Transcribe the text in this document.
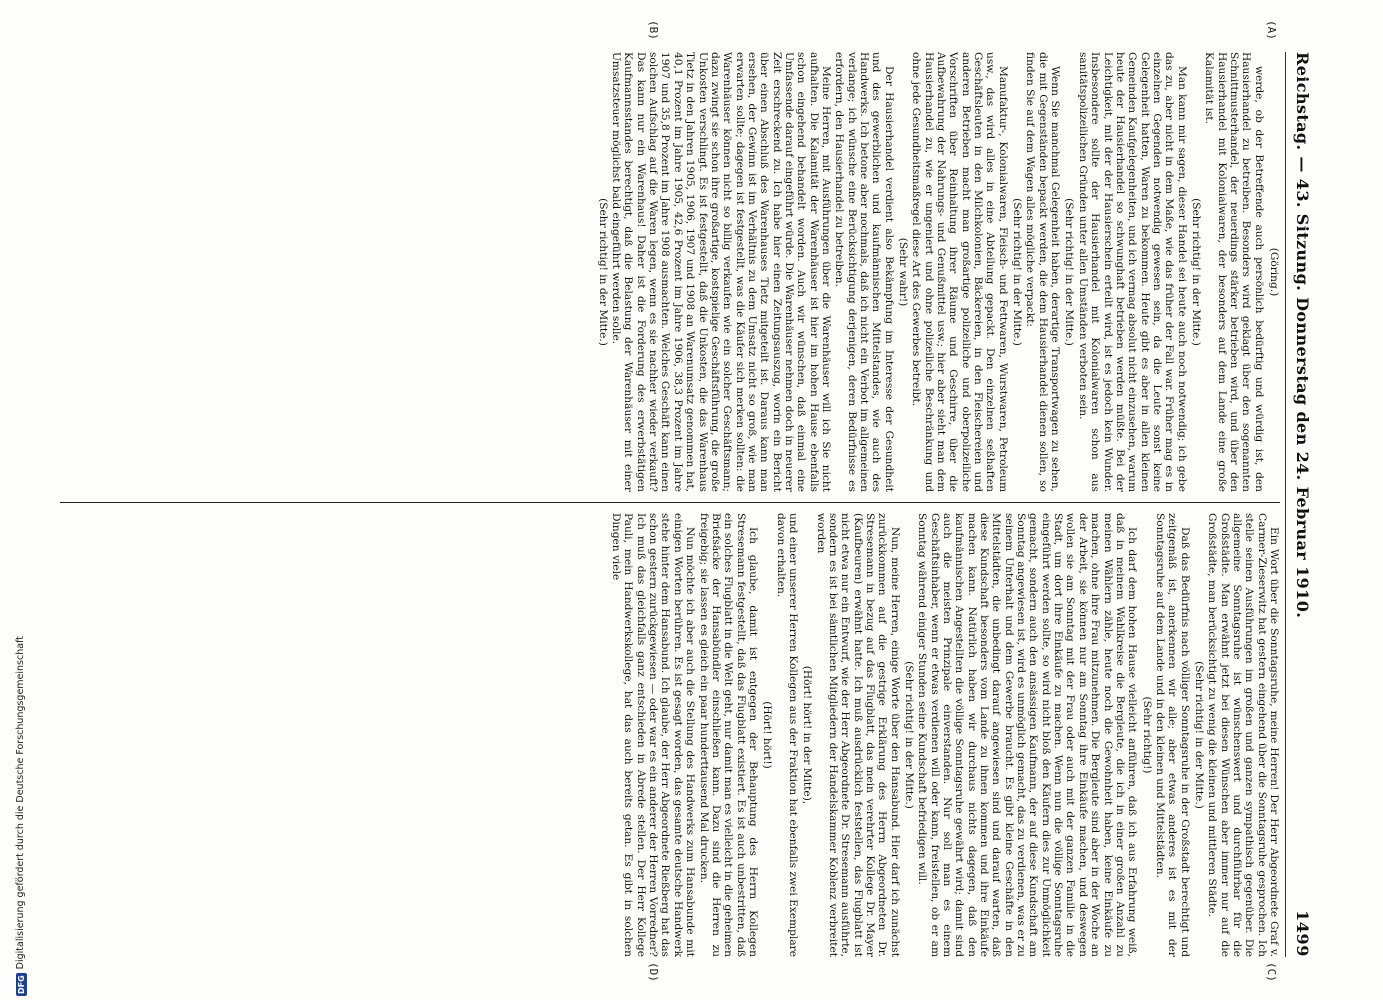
DFG
Digitalisierung gefördert durch die Deutsche Forschungsgemeinschaft
Reichstag. — 43. Sitzung. Donnerstag den 24. Februar 1910.
1499
(A)
(B)
(C)
(D)

(Göring.)

werde, ob der Betreffende auch persönlich bedürftig und würdig ist, den Hausierhandel zu betreiben. Besonders wird geklagt über den sogenannten Schnittmusterhandel, der neuerdings stärker betrieben wird, und über den Hausierhandel mit Kolonialwaren, der besonders auf dem Lande eine große Kalamität ist.

(Sehr richtig! in der Mitte.)

Man kann mir sagen, dieser Handel sei heute auch noch notwendig; ich gebe das zu, aber nicht in dem Maße, wie das früher der Fall war. Früher mag es in einzelnen Gegenden notwendig gewesen sein, da die Leute sonst keine Gelegenheit hatten, Waren zu bekommen. Heute gibt es aber in allen kleinen Gemeinden Kaufgelegenheiten, und ich vermag absolut nicht einzusehen, warum heute der Hausierhandel so schwunghaft betrieben werden müßte. Bei der Leichtigkeit, mit der der Hausierschein erteilt wird, ist es jedoch kein Wunder. Insbesondere sollte der Hausierhandel mit Kolonialwaren schon aus sanitätspolizeilichen Gründen unter allen Umständen verboten sein.

(Sehr richtig! in der Mitte.)

Wenn Sie manchmal Gelegenheit haben, derartige Transportwagen zu sehen, die mit Gegenständen bepackt werden, die dem Hausierhandel dienen sollen, so finden Sie auf dem Wagen alles mögliche verpackt:

(Sehr richtig! in der Mitte.)

Manufaktur-, Kolonialwaren, Fleisch- und Fettwaren, Wurstwaren, Petroleum usw., das wird alles in eine Abteilung gepackt. Den einzelnen seßhaften Geschäftsleuten in den Milchkolonien, Bäckereien, in den Fleischereien und anderen Betrieben macht man großartige polizeiliche und oberpolizeiliche Vorschriften über Reinhaltung ihrer Räume und Geschirre, über die Aufbewahrung der Nahrungs- und Genußmittel usw.; hier aber sieht man dem Hausierhandel zu, wie er ungeniert und ohne polizeiliche Beschränkung und ohne jede Gesundheitsmaßregel diese Art des Gewerbes betreibt.

(Sehr wahr!)

Der Hausierhandel verdient also Bekämpfung im Interesse der Gesundheit und des gewerblichen und kaufmännischen Mittelstandes, wie auch des Handwerks. Ich betone aber nochmals, daß ich nicht ein Verbot im allgemeinen verlange; ich wünsche eine Berücksichtigung derjenigen, deren Bedürfnisse es erfordern, den Hausierhandel zu betreiben.

Meine Herren, mit Ausführungen über die Warenhäuser will ich Sie nicht aufhalten. Die Kalamität der Warenhäuser ist hier im hohen Hause ebenfalls schon eingehend behandelt worden. Auch wir wünschen, daß einmal eine Umfassende darauf eingeführt würde. Die Warenhäuser nehmen doch in neuerer Zeit erschreckend zu. Ich habe hier einen Zeitungsauszug, worin ein Bericht über einen Abschluß des Warenhauses Tietz mitgeteilt ist. Daraus kann man ersehen, der Gewinn ist im Verhältnis zu dem Umsatz nicht so groß, wie man erwarten sollte; dagegen ist festgestellt, was die Käufer sich merken sollten: die Warenhäuser können nicht so billig verkaufen wie ein solcher Geschäftsmann; dazu zwingt sie schon ihre großartige, kostspielige Geschäftsführung, die große Unkosten verschlingt. Es ist festgestellt, daß die Unkosten, die das Warenhaus Tietz in den Jahren 1905, 1906, 1907 und 1908 an Warenumsatz genommen hat, 40,1 Prozent im Jahre 1905, 42,6 Prozent im Jahre 1906, 38,3 Prozent im Jahre 1907 und 35,8 Prozent im Jahre 1908 ausmachten. Welches Geschäft kann einen solchen Aufschlag auf die Waren legen, wenn es sie nachher wieder verkauft? Das kann nur ein Warenhaus! Daher ist die Forderung des erwerbstätigen Kaufmannsstandes berechtigt, daß die Belastung der Warenhäuser mit einer Umsatzsteuer möglichst bald eingeführt werden solle.

(Sehr richtig! in der Mitte.)

Ein Wort über die Sonntagsruhe, meine Herren! Der Herr Abgeordnete Graf v. Carmer-Zieserwitz hat gestern eingehend über die Sonntagsruhe gesprochen. Ich stelle seinen Ausführungen im großen und ganzen sympathisch gegenüber. Die allgemeine Sonntagsruhe ist wünschenswert und durchführbar für die Großstädte. Man erwähnt jetzt bei diesen Wünschen aber immer nur auf die Großstädte, man berücksichtigt zu wenig die kleinen und mittleren Städte.

(Sehr richtig! in der Mitte.)

Daß das Bedürfnis nach völliger Sonntagsruhe in der Großstadt berechtigt und zeitgemäß ist, anerkennen wir alle; aber etwas anderes ist es mit der Sonntagsruhe auf dem Lande und in den kleinen und Mittelstädten.

(Sehr richtig!)

Ich darf dem hohen Hause vielleicht anführen, daß ich aus Erfahrung weiß, daß in meinem Wahlkreise die Bergleute, die ich in einer großen Anzahl zu meinen Wählern zähle, heute noch die Gewohnheit haben, keine Einkäufe zu machen, ohne ihre Frau mitzunehmen. Die Bergleute sind aber in der Woche an der Arbeit, sie können nur am Sonntag ihre Einkäufe machen, und deswegen wollen sie am Sonntag mit der Frau oder auch mit der ganzen Familie in die Stadt, um dort ihre Einkäufe zu machen. Wenn nun die völlige Sonntagsruhe eingeführt werden sollte, so wird nicht bloß den Käufern dies zur Unmöglichkeit gemacht, sondern auch den ansässigen Kaufmann, der auf diese Kundschaft am Sonntag angewiesen ist, wird es unmöglich gemacht, das zu verdienen, was er zu seinem Unterhalt und dem Gewerbe braucht. Es gibt kleine Geschäfte in den Mittelstädten, die unbedingt darauf angewiesen sind und darauf warten, daß diese Kundschaft besonders vom Lande zu ihnen kommen und ihre Einkäufe machen kann. Natürlich haben wir durchaus nichts dagegen, daß den kaufmännischen Angestellten die völlige Sonntagsruhe gewährt wird; damit sind auch die meisten Prinzipale einverstanden. Nur soll man es einem Geschäftsinhaber, wenn er etwas verdienen will oder kann, freistellen, ob er am Sonntag während einiger Stunden seine Kundschaft befriedigen will.

(Sehr richtig! in der Mitte.)

Nun, meine Herren, einige Worte über den Hansabund. Hier darf ich zunächst zurückkommen auf die gestrige Erklärung des Herrn Abgeordneten Dr. Stresemann in bezug auf das Flugblatt, das mein verehrter Kollege Dr. Mayer (Kaufbeuren) erwähnt hatte. Ich muß ausdrücklich feststellen, das Flugblatt ist nicht etwa nur ein Entwurf, wie der Herr Abgeordnete Dr. Stresemann ausführte, sondern es ist bei sämtlichen Mitgliedern der Handelskammer Koblenz verbreitet worden

(Hört! hört! in der Mitte),

und einer unserer Herren Kollegen aus der Fraktion hat ebenfalls zwei Exemplare davon erhalten.

(Hört! hört!)

Ich glaube, damit ist entgegen der Behauptung des Herrn Kollegen Stresemann festgestellt, daß das Flugblatt existiert. Es ist auch unbestritten, daß ein solches Flugblatt in die Welt geht, nur damit man es vielleicht in die geheimen Briefsäcke der Hansabündler einschließen kann. Dazu sind die Herren zu freigebig; sie lassen es gleich ein paar hunderttausend Mal drucken.

Nun möchte ich aber auch die Stellung des Handwerks zum Hansabunde mit einigen Worten berühren. Es ist gesagt worden, das gesamte deutsche Handwerk stehe hinter dem Hansabund. Ich glaube, der Herr Abgeordnete Rießberg hat das schon gestern zurückgewiesen — oder war es ein anderer der Herren Vorredner? Ich muß das gleichfalls ganz entschieden in Abrede stellen. Der Herr Kollege Pauli, mein Handwerkskollege, hat das auch bereits getan. Es gibt in solchen Dingen viele
